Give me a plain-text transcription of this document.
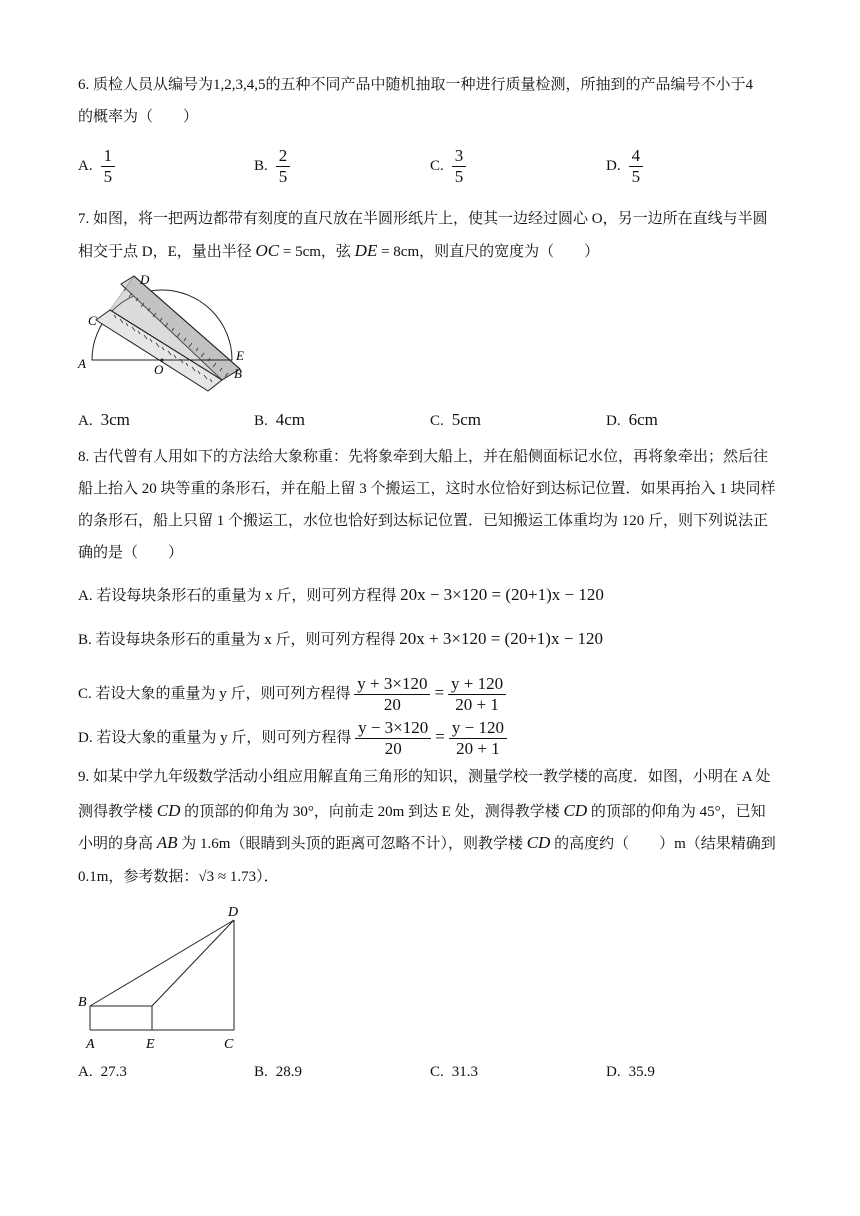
6. 质检人员从编号为1,2,3,4,5的五种不同产品中随机抽取一种进行质量检测，所抽到的产品编号不小于4
的概率为（　　）
A. $\frac{1}{5}$	B. $\frac{2}{5}$	C. $\frac{3}{5}$	D. $\frac{4}{5}$
7. 如图，将一把两边都带有刻度的直尺放在半圆形纸片上，使其一边经过圆心 O，另一边所在直线与半圆
相交于点 D，E，量出半径 OC = 5cm，弦 DE = 8cm，则直尺的宽度为（　　）
D
C
A	O
E
B
A. 3cm	B. 4cm	C. 5cm	D. 6cm
8. 古代曾有人用如下的方法给大象称重：先将象牵到大船上，并在船侧面标记水位，再将象牵出；然后往
船上抬入 20 块等重的条形石，并在船上留 3 个搬运工，这时水位恰好到达标记位置．如果再抬入 1 块同样
的条形石，船上只留 1 个搬运工，水位也恰好到达标记位置．已知搬运工体重均为 120 斤，则下列说法正
确的是（　　）
A. 若设每块条形石的重量为 x 斤，则可列方程得 20x − 3×120 = (20+1)x − 120
B. 若设每块条形石的重量为 x 斤，则可列方程得 20x + 3×120 = (20+1)x − 120
C. 若设大象的重量为 y 斤，则可列方程得 $\frac{y + 3\times 120}{20} = \frac{y + 120}{20 + 1}$
D. 若设大象的重量为 y 斤，则可列方程得 $\frac{y - 3\times 120}{20} = \frac{y - 120}{20 + 1}$
9. 如某中学九年级数学活动小组应用解直角三角形的知识，测量学校一教学楼的高度．如图，小明在 A 处
测得教学楼 CD 的顶部的仰角为 30°，向前走 20m 到达 E 处，测得教学楼 CD 的顶部的仰角为 45°，已知
小明的身高 AB 为 1.6m（眼睛到头顶的距离可忽略不计），则教学楼 CD 的高度约（　　）m（结果精确到
0.1m，参考数据：√3 ≈ 1.73）．
D
B
A	E	C
A. 27.3	B. 28.9	C. 31.3	D. 35.9
